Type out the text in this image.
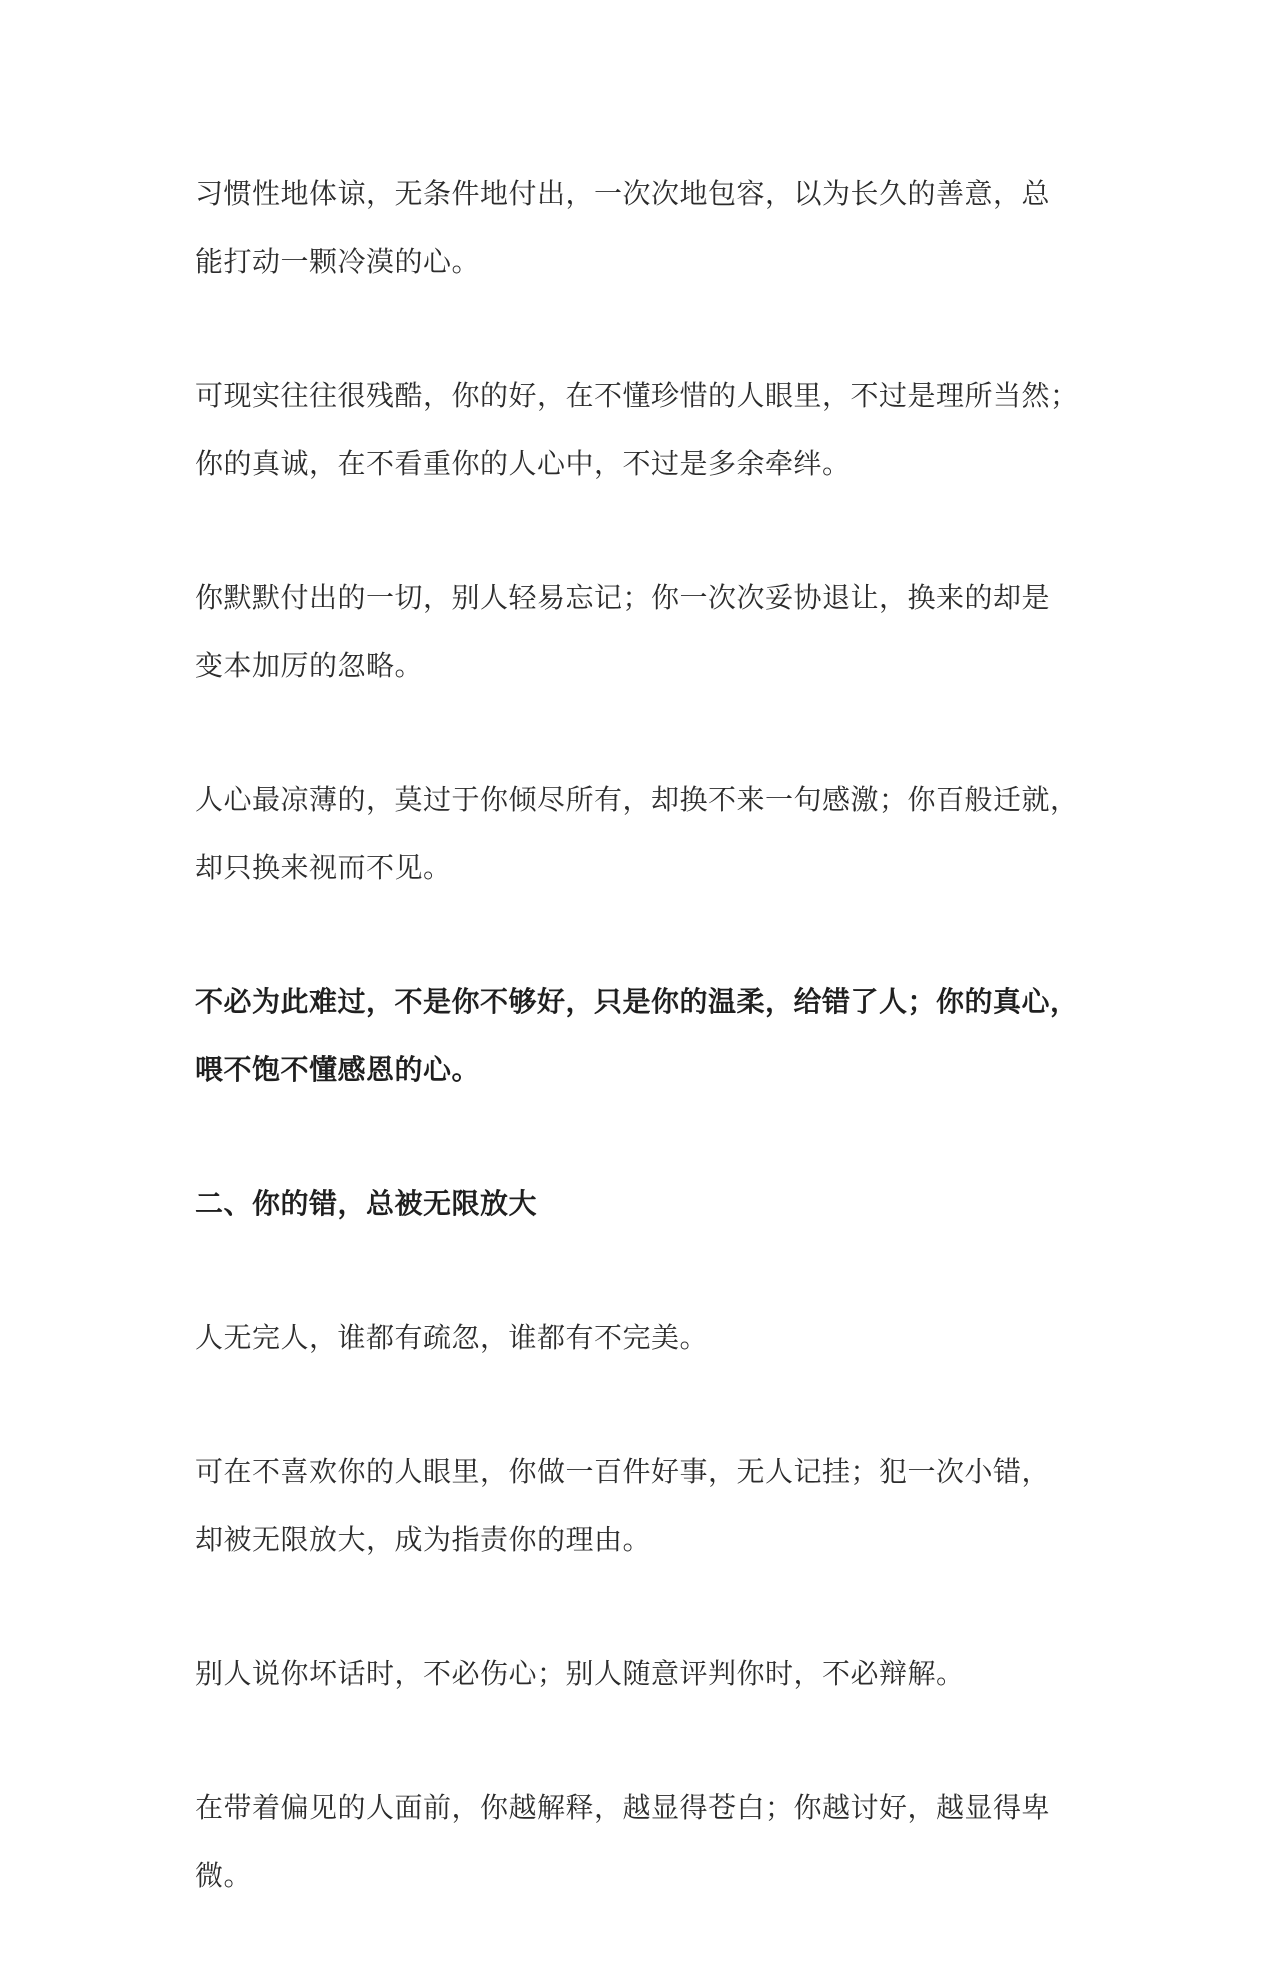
习惯性地体谅，无条件地付出，一次次地包容，以为长久的善意，总
能打动一颗冷漠的心。

可现实往往很残酷，你的好，在不懂珍惜的人眼里，不过是理所当然；
你的真诚，在不看重你的人心中，不过是多余牵绊。

你默默付出的一切，别人轻易忘记；你一次次妥协退让，换来的却是
变本加厉的忽略。

人心最凉薄的，莫过于你倾尽所有，却换不来一句感激；你百般迁就，
却只换来视而不见。

不必为此难过，不是你不够好，只是你的温柔，给错了人；你的真心，
喂不饱不懂感恩的心。

二、你的错，总被无限放大

人无完人，谁都有疏忽，谁都有不完美。

可在不喜欢你的人眼里，你做一百件好事，无人记挂；犯一次小错，
却被无限放大，成为指责你的理由。

别人说你坏话时，不必伤心；别人随意评判你时，不必辩解。

在带着偏见的人面前，你越解释，越显得苍白；你越讨好，越显得卑
微。
